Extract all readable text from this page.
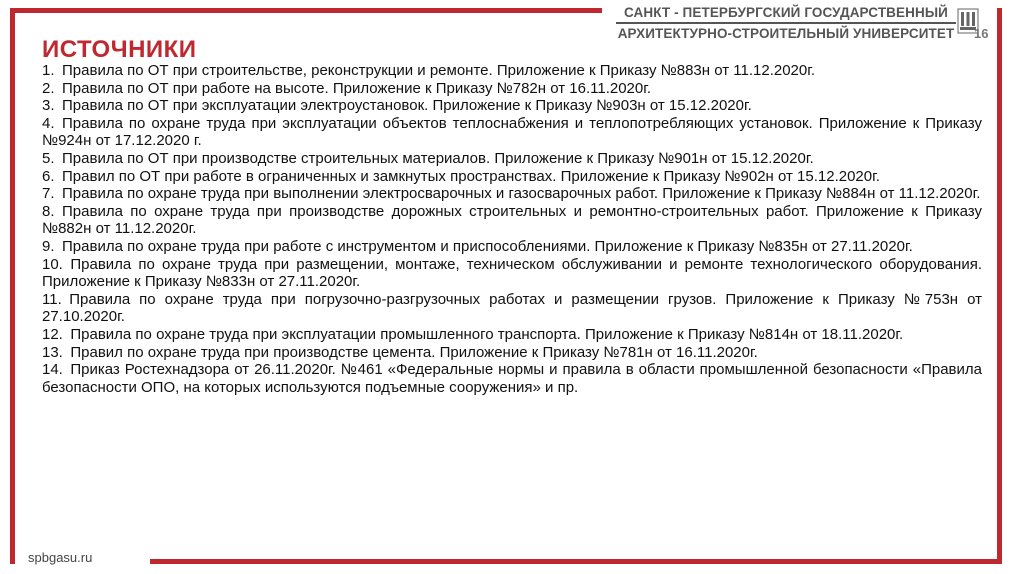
САНКТ - ПЕТЕРБУРГСКИЙ ГОСУДАРСТВЕННЫЙ
АРХИТЕКТУРНО-СТРОИТЕЛЬНЫЙ УНИВЕРСИТЕТ 16
ИСТОЧНИКИ
1.  Правила по ОТ при строительстве, реконструкции и ремонте. Приложение к Приказу №883н от 11.12.2020г.
2.  Правила по ОТ при работе на высоте. Приложение к Приказу №782н от 16.11.2020г.
3.  Правила по ОТ при эксплуатации электроустановок. Приложение к Приказу №903н от 15.12.2020г.
4.  Правила по охране труда при эксплуатации объектов теплоснабжения и теплопотребляющих установок. Приложение к Приказу №924н от 17.12.2020 г.
5.  Правила по ОТ при производстве строительных материалов. Приложение к Приказу №901н от 15.12.2020г.
6.  Правил по ОТ при работе в ограниченных и замкнутых пространствах. Приложение к Приказу №902н от 15.12.2020г.
7.  Правила по охране труда при выполнении электросварочных и газосварочных работ. Приложение к Приказу №884н от 11.12.2020г.
8.  Правила по охране труда при производстве дорожных строительных и ремонтно-строительных работ. Приложение к Приказу №882н от 11.12.2020г.
9.  Правила по охране труда при работе с инструментом и приспособлениями. Приложение к Приказу №835н от 27.11.2020г.
10.  Правила по охране труда при размещении, монтаже, техническом обслуживании и ремонте технологического оборудования. Приложение к Приказу №833н от 27.11.2020г.
11.  Правила по охране труда при погрузочно-разгрузочных работах и размещении грузов. Приложение к Приказу №753н от 27.10.2020г.
12.  Правила по охране труда при эксплуатации промышленного транспорта. Приложение к Приказу №814н от 18.11.2020г.
13.  Правил по охране труда при производстве цемента. Приложение к Приказу №781н от 16.11.2020г.
14.  Приказ Ростехнадзора от 26.11.2020г. №461 «Федеральные нормы и правила в области промышленной безопасности «Правила безопасности ОПО, на которых используются подъемные сооружения» и пр.
spbgasu.ru
